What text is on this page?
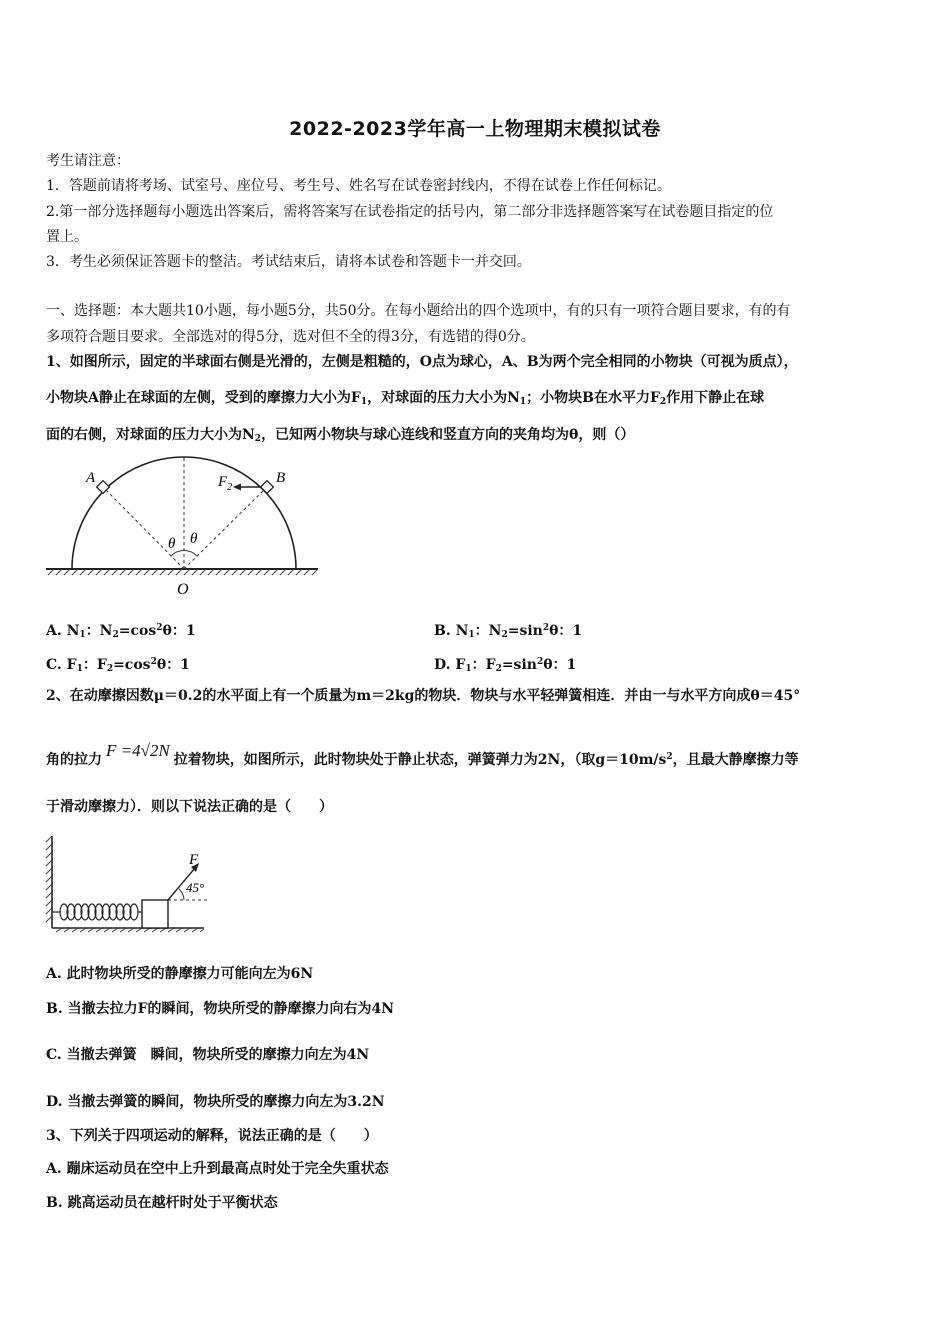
2022-2023学年高一上物理期末模拟试卷
考生请注意：
1．答题前请将考场、试室号、座位号、考生号、姓名写在试卷密封线内，不得在试卷上作任何标记。
2.第一部分选择题每小题选出答案后，需将答案写在试卷指定的括号内，第二部分非选择题答案写在试卷题目指定的位
置上。
3．考生必须保证答题卡的整洁。考试结束后，请将本试卷和答题卡一并交回。
一、选择题：本大题共10小题，每小题5分，共50分。在每小题给出的四个选项中，有的只有一项符合题目要求，有的有
多项符合题目要求。全部选对的得5分，选对但不全的得3分，有选错的得0分。
1、如图所示，固定的半球面右侧是光滑的，左侧是粗糙的，O点为球心，A、B为两个完全相同的小物块（可视为质点），
小物块A静止在球面的左侧，受到的摩擦力大小为$F_1$，对球面的压力大小为$N_1$；小物块B在水平力$F_2$作用下静止在球
面的右侧，对球面的压力大小为$N_2$，已知两小物块与球心连线和竖直方向的夹角均为θ，则（）
A	B
$F_2$
θ θ
O
A. $N_1$：$N_2=\cos^2\theta$：1	B. $N_1$：$N_2=\sin^2\theta$：1
C. $F_1$：$F_2=\cos^2\theta$：1	D. $F_1$：$F_2=\sin^2\theta$：1
2、在动摩擦因数μ＝0.2的水平面上有一个质量为m＝2kg的物块．物块与水平轻弹簧相连．并由一与水平方向成θ＝45°
角的拉力 F =4√2N 拉着物块，如图所示，此时物块处于静止状态，弹簧弹力为2N，（取$g=10m/s^2$，且最大静摩擦力等
于滑动摩擦力）．则以下说法正确的是（　　）
F
45°
A. 此时物块所受的静摩擦力可能向左为6N
B. 当撤去拉力F的瞬间，物块所受的静摩擦力向右为4N
C. 当撤去弹簧　瞬间，物块所受的摩擦力向左为4N
D. 当撤去弹簧的瞬间，物块所受的摩擦力向左为3.2N
3、下列关于四项运动的解释，说法正确的是（　　）
A. 蹦床运动员在空中上升到最高点时处于完全失重状态
B. 跳高运动员在越杆时处于平衡状态
